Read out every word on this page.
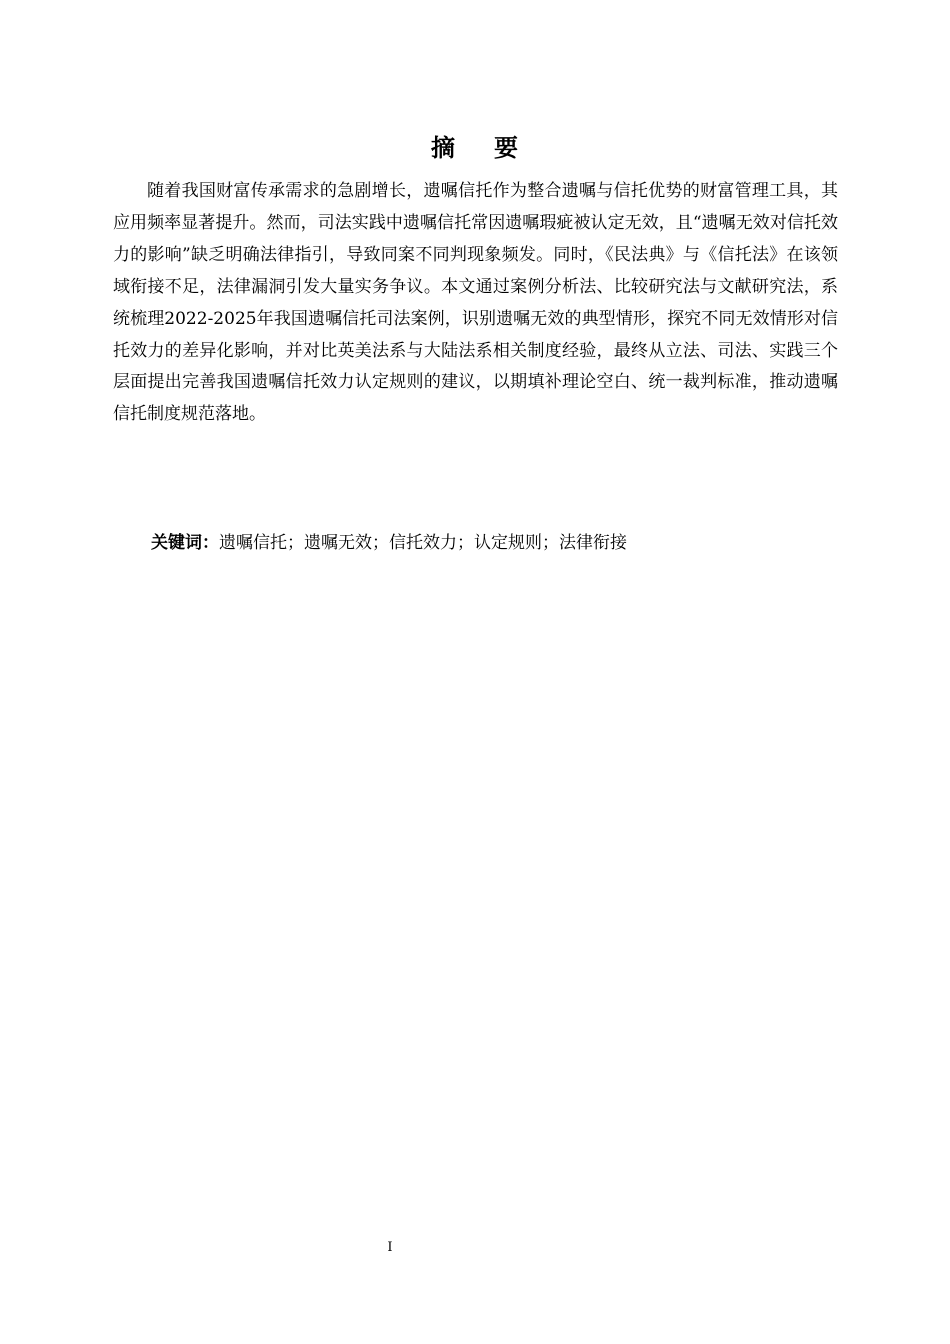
摘 要

随着我国财富传承需求的急剧增长，遗嘱信托作为整合遗嘱与信托优势的财富管理工具，其应用频率显著提升。然而，司法实践中遗嘱信托常因遗嘱瑕疵被认定无效，且“遗嘱无效对信托效力的影响”缺乏明确法律指引，导致同案不同判现象频发。同时，《民法典》与《信托法》在该领域衔接不足，法律漏洞引发大量实务争议。本文通过案例分析法、比较研究法与文献研究法，系统梳理2022-2025年我国遗嘱信托司法案例，识别遗嘱无效的典型情形，探究不同无效情形对信托效力的差异化影响，并对比英美法系与大陆法系相关制度经验，最终从立法、司法、实践三个层面提出完善我国遗嘱信托效力认定规则的建议，以期填补理论空白、统一裁判标准，推动遗嘱信托制度规范落地。

关键词：遗嘱信托；遗嘱无效；信托效力；认定规则；法律衔接
I
